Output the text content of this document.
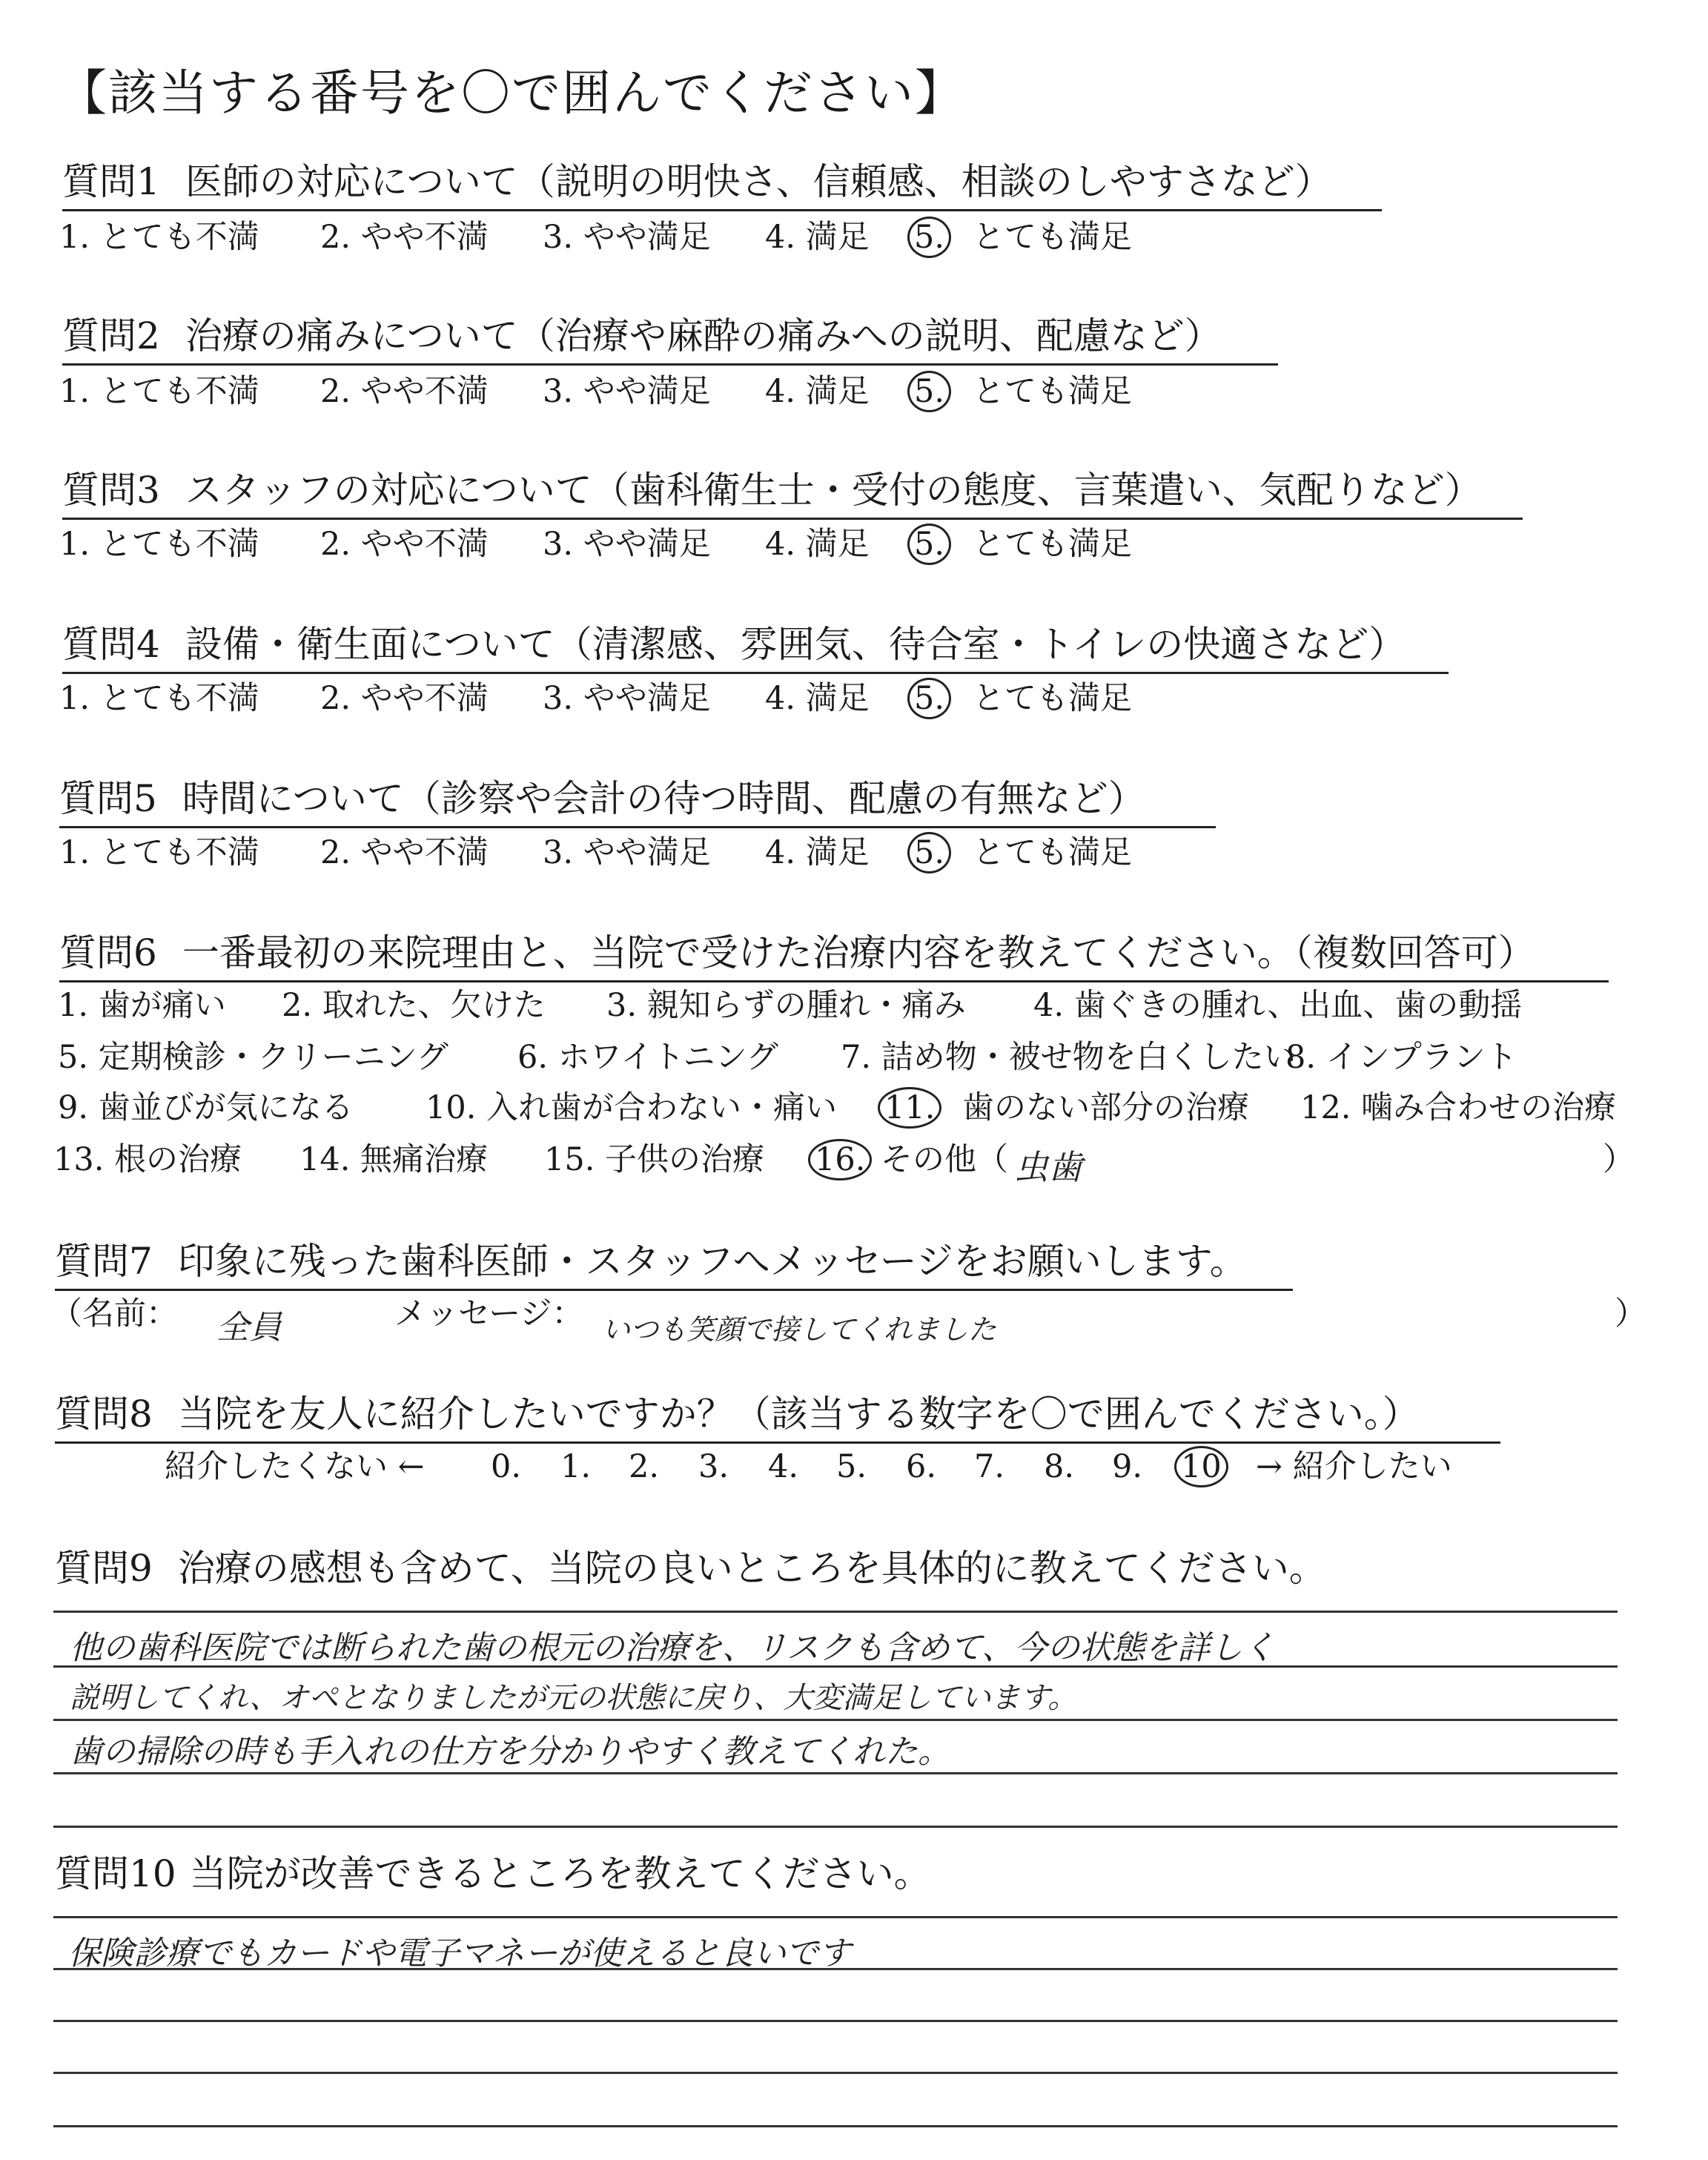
【該当する番号を〇で囲んでください】
質問1 医師の対応について（説明の明快さ、信頼感、相談のしやすさなど）
1. とても不満 2. やや不満 3. やや満足 4. 満足 5. とても満足
質問2 治療の痛みについて（治療や麻酔の痛みへの説明、配慮など）
1. とても不満 2. やや不満 3. やや満足 4. 満足 5. とても満足
質問3 スタッフの対応について（歯科衛生士・受付の態度、言葉遣い、気配りなど）
1. とても不満 2. やや不満 3. やや満足 4. 満足 5. とても満足
質問4 設備・衛生面について（清潔感、雰囲気、待合室・トイレの快適さなど）
1. とても不満 2. やや不満 3. やや満足 4. 満足 5. とても満足
質問5 時間について（診察や会計の待つ時間、配慮の有無など）
1. とても不満 2. やや不満 3. やや満足 4. 満足 5. とても満足
質問6 一番最初の来院理由と、当院で受けた治療内容を教えてください。（複数回答可）
1. 歯が痛い 2. 取れた、欠けた 3. 親知らずの腫れ・痛み 4. 歯ぐきの腫れ、出血、歯の動揺
5. 定期検診・クリーニング 6. ホワイトニング 7. 詰め物・被せ物を白くしたい
8. インプラント
9. 歯並びが気になる 10. 入れ歯が合わない・痛い 11. 歯のない部分の治療 12. 噛み合わせの治療
13. 根の治療 14. 無痛治療 15. 子供の治療 16. その他（	）
虫歯
質問7 印象に残った歯科医師・スタッフへメッセージをお願いします。
（名前：	メッセージ：	）
全員	いつも笑顔で接してくれました
質問8 当院を友人に紹介したいですか？（該当する数字を〇で囲んでください。）
紹介したくない ← 0. 1. 2. 3. 4. 5. 6. 7. 8. 9. 10 → 紹介したい
質問9 治療の感想も含めて、当院の良いところを具体的に教えてください。
他の歯科医院では断られた歯の根元の治療を、リスクも含めて、今の状態を詳しく
説明してくれ、オペとなりましたが元の状態に戻り、大変満足しています。
歯の掃除の時も手入れの仕方を分かりやすく教えてくれた。
質問10 当院が改善できるところを教えてください。
保険診療でもカードや電子マネーが使えると良いです
